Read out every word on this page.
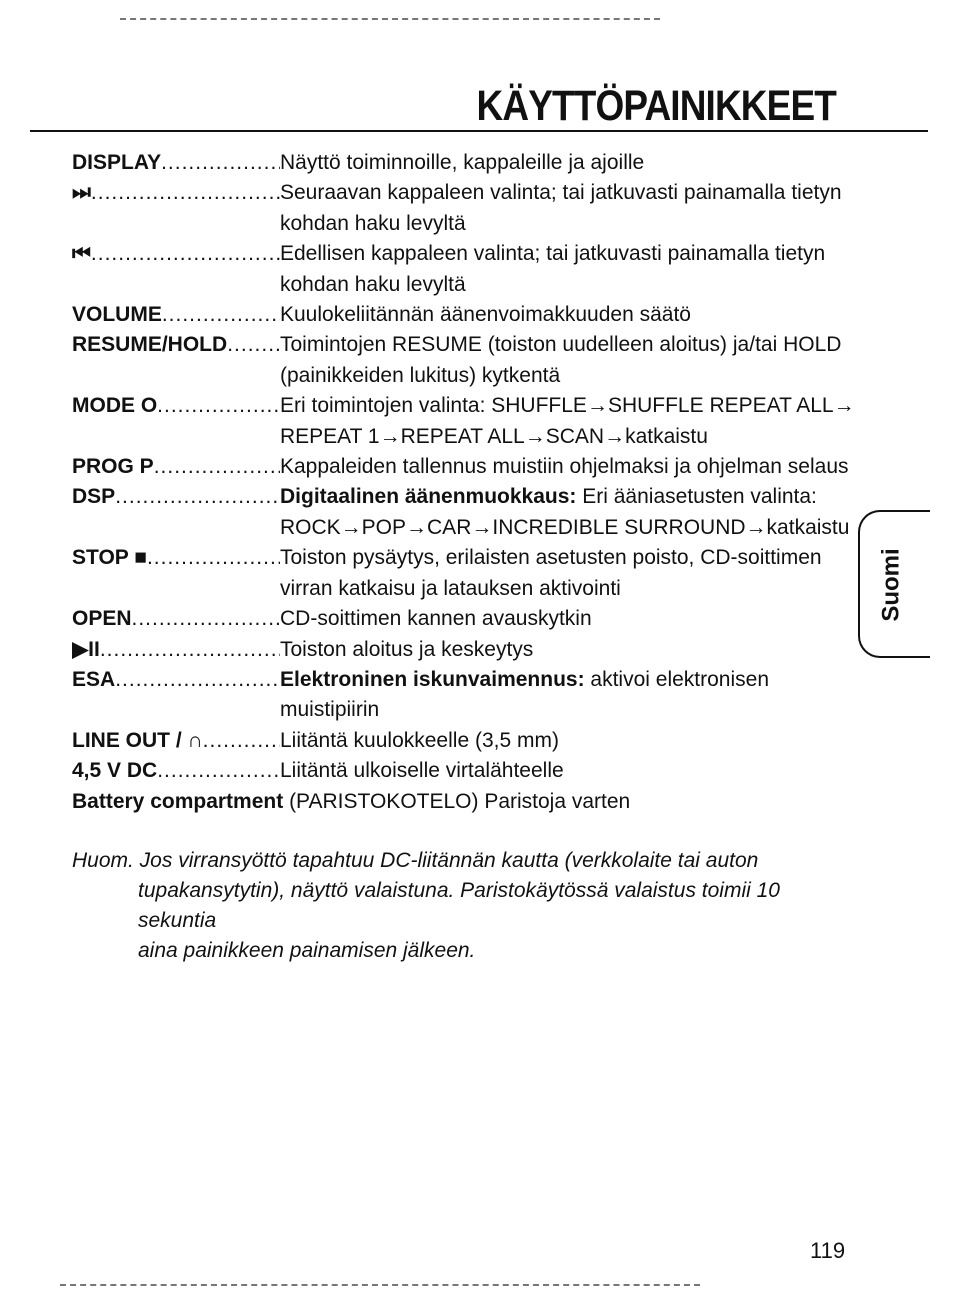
KÄYTTÖPAINIKKEET
DISPLAY .....	Näyttö toiminnoille, kappaleille ja ajoille
⏭ .....	Seuraavan kappaleen valinta; tai jatkuvasti painamalla tietyn
kohdan haku levyltä
⏮ .....	Edellisen kappaleen valinta; tai jatkuvasti painamalla tietyn
kohdan haku levyltä
VOLUME .....	Kuulokeliitännän äänenvoimakkuuden säätö
RESUME/HOLD .....	Toimintojen RESUME (toiston uudelleen aloitus) ja/tai HOLD
(painikkeiden lukitus) kytkentä
MODE O .....	Eri toimintojen valinta: SHUFFLE→SHUFFLE REPEAT ALL→
REPEAT 1→REPEAT ALL→SCAN→katkaistu
PROG P .....	Kappaleiden tallennus muistiin ohjelmaksi ja ohjelman selaus
DSP .....	Digitaalinen äänenmuokkaus: Eri ääniasetusten valinta:
ROCK→POP→CAR→INCREDIBLE SURROUND→katkaistu
STOP ■ .....	Toiston pysäytys, erilaisten asetusten poisto, CD-soittimen
virran katkaisu ja latauksen aktivointi
OPEN .....	CD-soittimen kannen avauskytkin
▶II .....	Toiston aloitus ja keskeytys
ESA .....	Elektroninen iskunvaimennus: aktivoi elektronisen
muistipiirin
LINE OUT / ∩ .....	Liitäntä kuulokkeelle (3,5 mm)
4,5 V DC .....	Liitäntä ulkoiselle virtalähteelle
Battery compartment (PARISTOKOTELO) Paristoja varten
Huom. Jos virransyöttö tapahtuu DC-liitännän kautta (verkkolaite tai auton
tupakansytytin), näyttö valaistuna. Paristokäytössä valaistus toimii 10 sekuntia
aina painikkeen painamisen jälkeen.
Suomi
119
